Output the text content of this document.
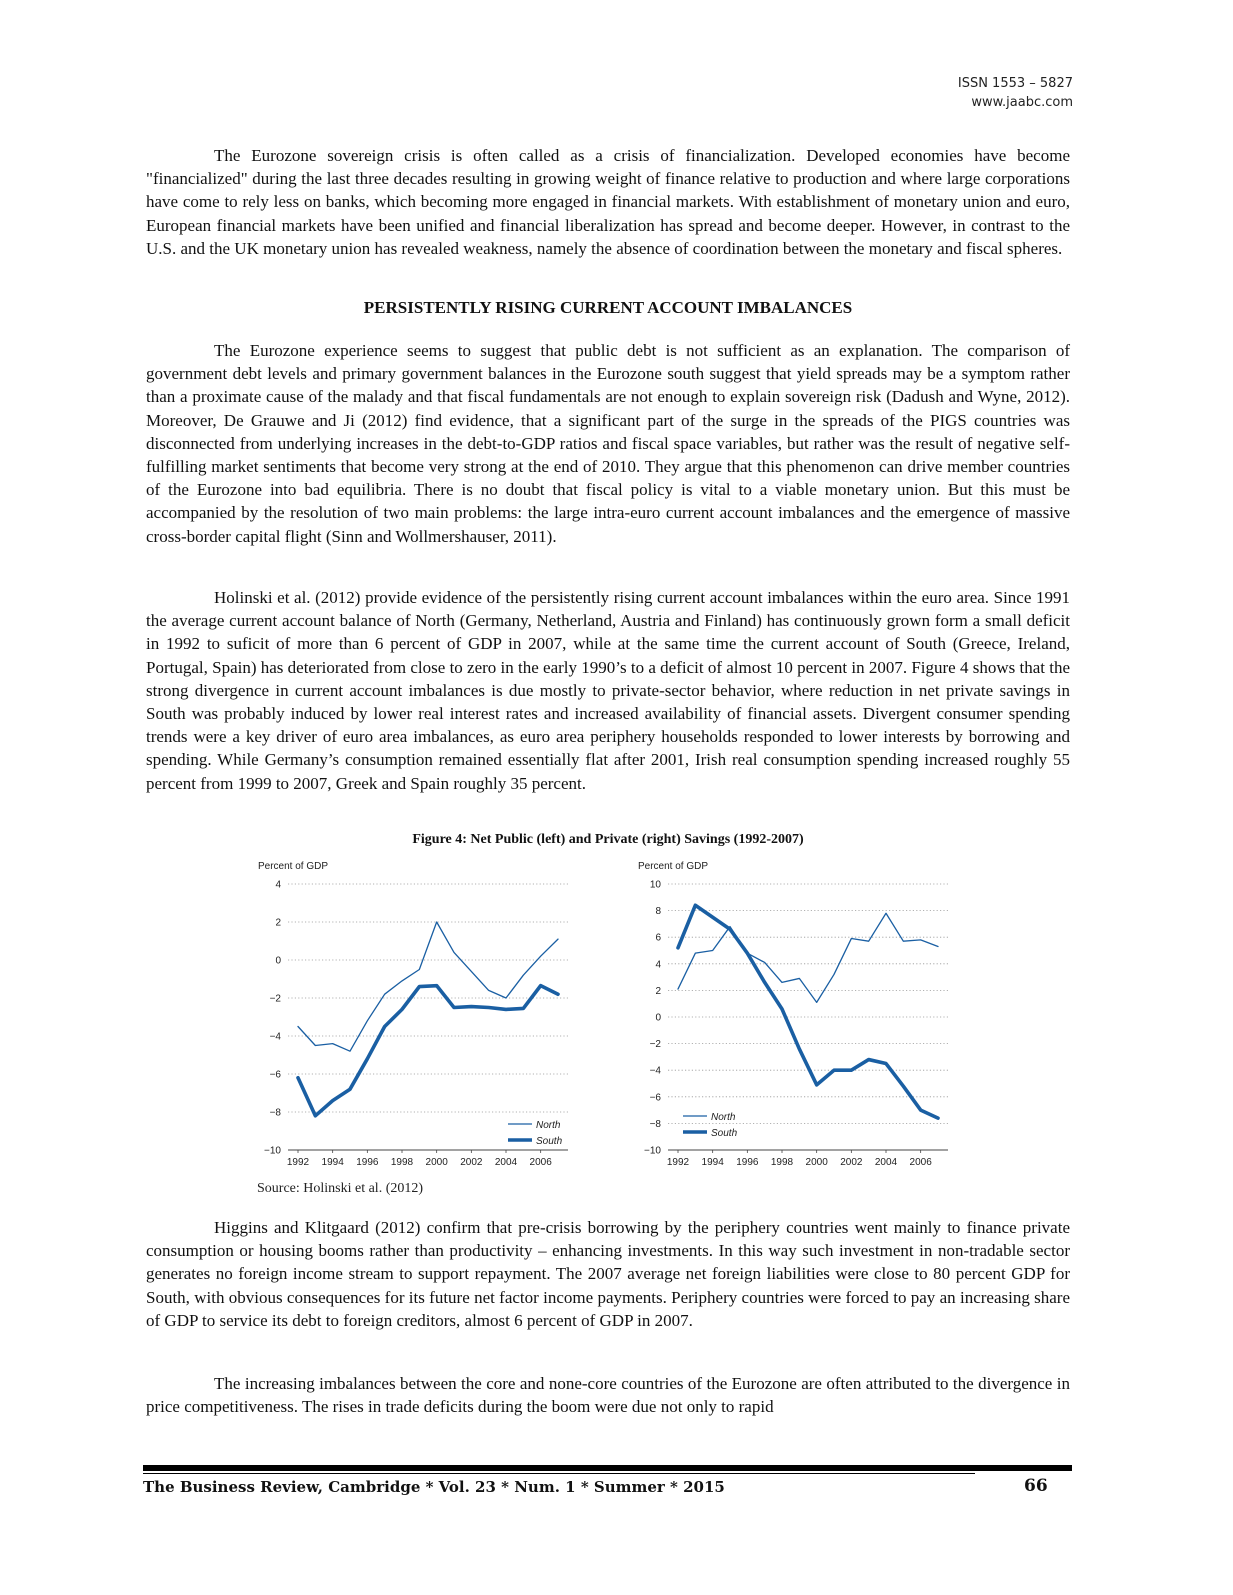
ISSN 1553 – 5827
www.jaabc.com

The Eurozone sovereign crisis is often called as a crisis of financialization. Developed economies have become "financialized" during the last three decades resulting in growing weight of finance relative to production and where large corporations have come to rely less on banks, which becoming more engaged in financial markets. With establishment of monetary union and euro, European financial markets have been unified and financial liberalization has spread and become deeper. However, in contrast to the U.S. and the UK monetary union has revealed weakness, namely the absence of coordination between the monetary and fiscal spheres.

PERSISTENTLY RISING CURRENT ACCOUNT IMBALANCES

The Eurozone experience seems to suggest that public debt is not sufficient as an explanation. The comparison of government debt levels and primary government balances in the Eurozone south suggest that yield spreads may be a symptom rather than a proximate cause of the malady and that fiscal fundamentals are not enough to explain sovereign risk (Dadush and Wyne, 2012). Moreover, De Grauwe and Ji (2012) find evidence, that a significant part of the surge in the spreads of the PIGS countries was disconnected from underlying increases in the debt-to-GDP ratios and fiscal space variables, but rather was the result of negative self-fulfilling market sentiments that become very strong at the end of 2010. They argue that this phenomenon can drive member countries of the Eurozone into bad equilibria. There is no doubt that fiscal policy is vital to a viable monetary union. But this must be accompanied by the resolution of two main problems: the large intra-euro current account imbalances and the emergence of massive cross-border capital flight (Sinn and Wollmershauser, 2011).

Holinski et al. (2012) provide evidence of the persistently rising current account imbalances within the euro area. Since 1991 the average current account balance of North (Germany, Netherland, Austria and Finland) has continuously grown form a small deficit in 1992 to suficit of more than 6 percent of GDP in 2007, while at the same time the current account of South (Greece, Ireland, Portugal, Spain) has deteriorated from close to zero in the early 1990’s to a deficit of almost 10 percent in 2007. Figure 4 shows that the strong divergence in current account imbalances is due mostly to private-sector behavior, where reduction in net private savings in South was probably induced by lower real interest rates and increased availability of financial assets. Divergent consumer spending trends were a key driver of euro area imbalances, as euro area periphery households responded to lower interests by borrowing and spending. While Germany’s consumption remained essentially flat after 2001, Irish real consumption spending increased roughly 55 percent from 1999 to 2007, Greek and Spain roughly 35 percent.

Figure 4: Net Public (left) and Private (right) Savings (1992-2007)
Percent of GDP
4
2
0
−2
−4
−6
−8
−10
1992 1994 1996 1998 2000 2002 2004 2006
North
South
Percent of GDP
10
8
6
4
2
0
−2
−4
−6
−8
−10
1992 1994 1996 1998 2000 2002 2004 2006
North
South
Source: Holinski et al. (2012)

Higgins and Klitgaard (2012) confirm that pre-crisis borrowing by the periphery countries went mainly to finance private consumption or housing booms rather than productivity – enhancing investments. In this way such investment in non-tradable sector generates no foreign income stream to support repayment. The 2007 average net foreign liabilities were close to 80 percent GDP for South, with obvious consequences for its future net factor income payments. Periphery countries were forced to pay an increasing share of GDP to service its debt to foreign creditors, almost 6 percent of GDP in 2007.

The increasing imbalances between the core and none-core countries of the Eurozone are often attributed to the divergence in price competitiveness. The rises in trade deficits during the boom were due not only to rapid

The Business Review, Cambridge * Vol. 23 * Num. 1 * Summer * 2015	66
